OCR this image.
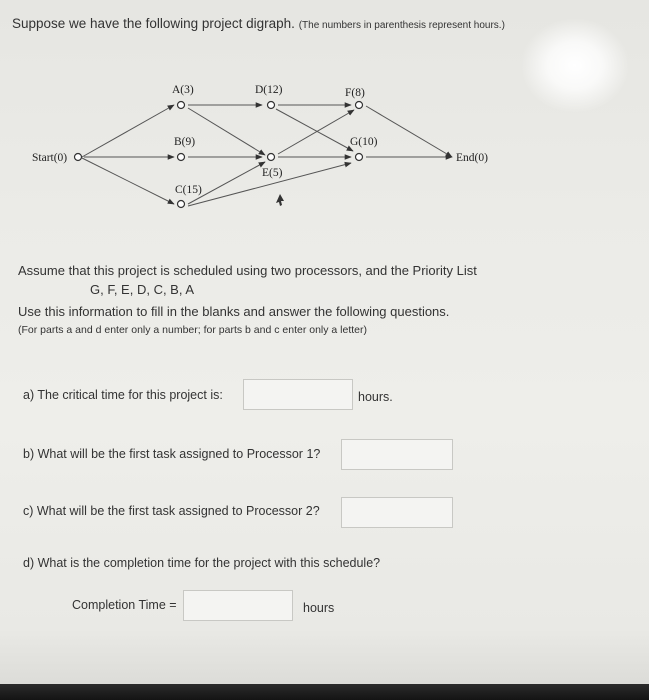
Suppose we have the following project digraph. (The numbers in parenthesis represent hours.)
Start(0)
A(3)
B(9)
C(15)
D(12)
E(5)
F(8)
G(10)
End(0)
Assume that this project is scheduled using two processors, and the Priority List
G, F, E, D, C, B, A
Use this information to fill in the blanks and answer the following questions.
(For parts a and d enter only a number; for parts b and c enter only a letter)
a) The critical time for this project is:	hours.
b) What will be the first task assigned to Processor 1?
c) What will be the first task assigned to Processor 2?
d) What is the completion time for the project with this schedule?
Completion Time =	hours
